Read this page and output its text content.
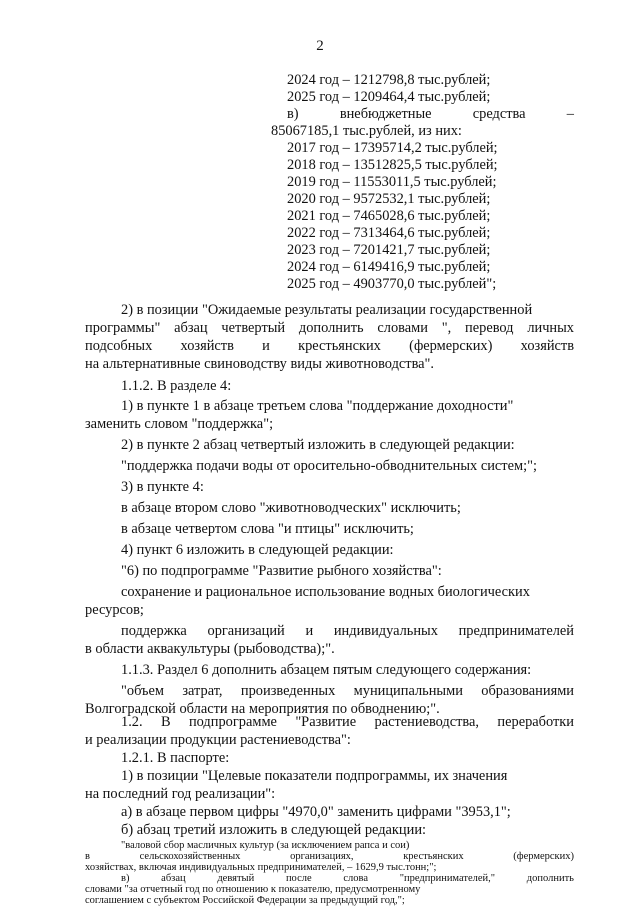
2
2024 год – 1212798,8 тыс.рублей;
2025 год – 1209464,4 тыс.рублей;
в)	внебюджетные	средства	–
85067185,1 тыс.рублей, из них:
2017 год – 17395714,2 тыс.рублей;
2018 год – 13512825,5 тыс.рублей;
2019 год – 11553011,5 тыс.рублей;
2020 год – 9572532,1 тыс.рублей;
2021 год – 7465028,6 тыс.рублей;
2022 год – 7313464,6 тыс.рублей;
2023 год – 7201421,7 тыс.рублей;
2024 год – 6149416,9 тыс.рублей;
2025 год – 4903770,0 тыс.рублей";
2) в позиции "Ожидаемые результаты реализации государственной
программы" абзац четвертый дополнить словами ", перевод личных
подсобных хозяйств и крестьянских (фермерских) хозяйств
на альтернативные свиноводству виды животноводства".
1.1.2. В разделе 4:
1) в пункте 1 в абзаце третьем слова "поддержание доходности"
заменить словом "поддержка";
2) в пункте 2 абзац четвертый изложить в следующей редакции:
"поддержка подачи воды от оросительно-обводнительных систем;";
3) в пункте 4:
в абзаце втором слово "животноводческих" исключить;
в абзаце четвертом слова "и птицы" исключить;
4) пункт 6 изложить в следующей редакции:
"6) по подпрограмме "Развитие рыбного хозяйства":
сохранение и рациональное использование водных биологических
ресурсов;
поддержка организаций и индивидуальных предпринимателей
в области аквакультуры (рыбоводства);".
1.1.3. Раздел 6 дополнить абзацем пятым следующего содержания:
"объем затрат, произведенных муниципальными образованиями
Волгоградской области на мероприятия по обводнению;".
1.2. В подпрограмме "Развитие растениеводства, переработки
и реализации продукции растениеводства":
1.2.1. В паспорте:
1) в позиции "Целевые показатели подпрограммы, их значения
на последний год реализации":
а) в абзаце первом цифры "4970,0" заменить цифрами "3953,1";
б) абзац третий изложить в следующей редакции:
"валовой сбор масличных культур (за исключением рапса и сои)
в	сельскохозяйственных	организациях,	крестьянских	(фермерских)
хозяйствах, включая индивидуальных предпринимателей, – 1629,9 тыс.тонн;";
в)	абзац	девятый	после	слова	"предпринимателей,"	дополнить
словами "за отчетный год по отношению к показателю, предусмотренному
соглашением с субъектом Российской Федерации за предыдущий год,";
